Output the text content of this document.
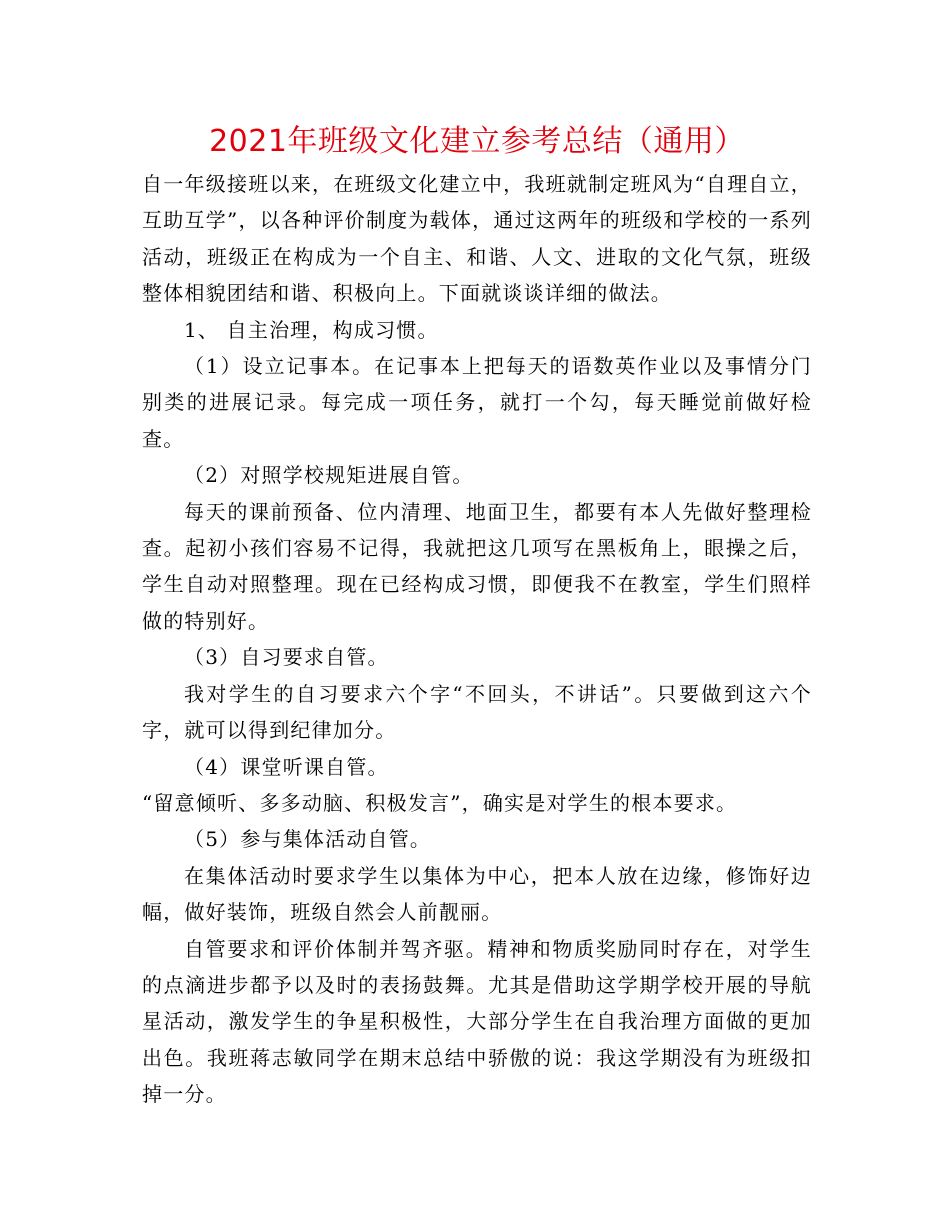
2021年班级文化建立参考总结（通用）

自一年级接班以来，在班级文化建立中，我班就制定班风为“自理自立，互助互学”，以各种评价制度为载体，通过这两年的班级和学校的一系列活动，班级正在构成为一个自主、和谐、人文、进取的文化气氛，班级整体相貌团结和谐、积极向上。下面就谈谈详细的做法。

1、 自主治理，构成习惯。

（1）设立记事本。在记事本上把每天的语数英作业以及事情分门别类的进展记录。每完成一项任务，就打一个勾，每天睡觉前做好检查。

（2）对照学校规矩进展自管。

每天的课前预备、位内清理、地面卫生，都要有本人先做好整理检查。起初小孩们容易不记得，我就把这几项写在黑板角上，眼操之后，学生自动对照整理。现在已经构成习惯，即便我不在教室，学生们照样做的特别好。

（3）自习要求自管。

我对学生的自习要求六个字“不回头，不讲话”。只要做到这六个字，就可以得到纪律加分。

（4）课堂听课自管。

“留意倾听、多多动脑、积极发言”，确实是对学生的根本要求。

（5）参与集体活动自管。

在集体活动时要求学生以集体为中心，把本人放在边缘，修饰好边幅，做好装饰，班级自然会人前靓丽。

自管要求和评价体制并驾齐驱。精神和物质奖励同时存在，对学生的点滴进步都予以及时的表扬鼓舞。尤其是借助这学期学校开展的导航星活动，激发学生的争星积极性，大部分学生在自我治理方面做的更加出色。我班蒋志敏同学在期末总结中骄傲的说：我这学期没有为班级扣掉一分。
